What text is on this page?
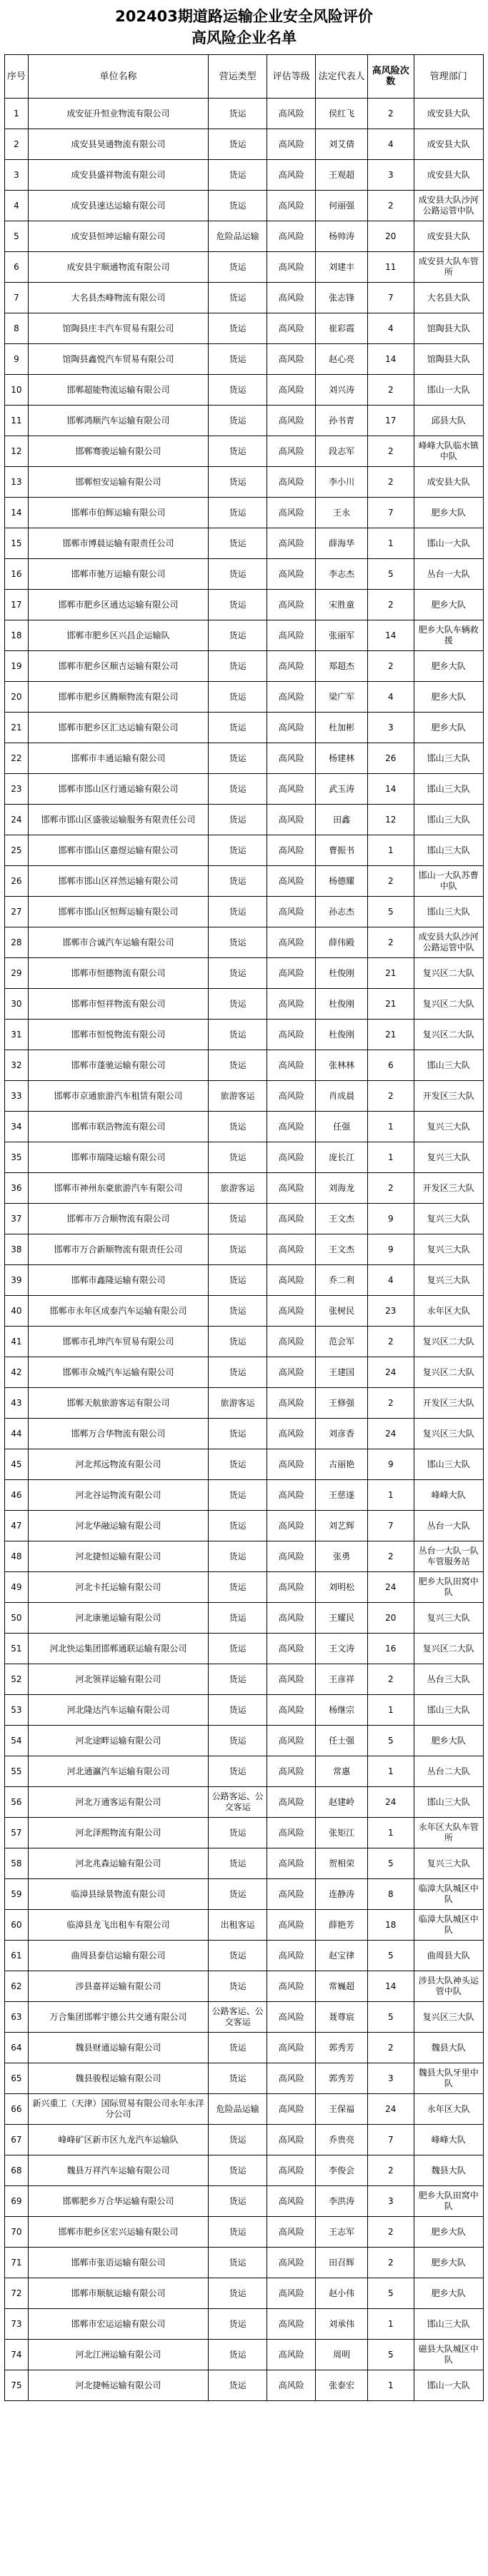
202403期道路运输企业安全风险评价
高风险企业名单
序号	单位名称	营运类型	评估等级	法定代表人	高风险次数	管理部门
1	成安征升恒业物流有限公司	货运	高风险	侯红飞	2	成安县大队
2	成安县昊通物流有限公司	货运	高风险	刘艾倩	4	成安县大队
3	成安县盛祥物流有限公司	货运	高风险	王观超	3	成安县大队
4	成安县速达运输有限公司	货运	高风险	何丽强	2	成安县大队沙河公路运管中队
5	成安县恒坤运输有限公司	危险品运输	高风险	杨帅涛	20	成安县大队
6	成安县宇顺通物流有限公司	货运	高风险	刘建丰	11	成安县大队车管所
7	大名县杰峰物流有限公司	货运	高风险	张志锋	7	大名县大队
8	馆陶县庄丰汽车贸易有限公司	货运	高风险	崔彩霞	4	馆陶县大队
9	馆陶县鑫悦汽车贸易有限公司	货运	高风险	赵心亮	14	馆陶县大队
10	邯郸超能物流运输有限公司	货运	高风险	刘兴涛	2	邯山一大队
11	邯郸鸿顺汽车运输有限公司	货运	高风险	孙书青	17	邱县大队
12	邯郸骞骏运输有限公司	货运	高风险	段志军	2	峰峰大队临水镇中队
13	邯郸恒安运输有限公司	货运	高风险	李小川	2	成安县大队
14	邯郸市伯辉运输有限公司	货运	高风险	王永	7	肥乡大队
15	邯郸市博晨运输有限责任公司	货运	高风险	薛海华	1	邯山一大队
16	邯郸市驰万运输有限公司	货运	高风险	李志杰	5	丛台一大队
17	邯郸市肥乡区通达运输有限公司	货运	高风险	宋胜童	2	肥乡大队
18	邯郸市肥乡区兴昌企运输队	货运	高风险	张丽军	14	肥乡大队车辆救援
19	邯郸市肥乡区顺吉运输有限公司	货运	高风险	郑超杰	2	肥乡大队
20	邯郸市肥乡区腾顺物流有限公司	货运	高风险	梁广军	4	肥乡大队
21	邯郸市肥乡区汇达运输有限公司	货运	高风险	杜加彬	3	肥乡大队
22	邯郸市丰通运输有限公司	货运	高风险	杨建林	26	邯山三大队
23	邯郸市邯山区行通运输有限公司	货运	高风险	武玉涛	14	邯山三大队
24	邯郸市邯山区盛骏运输服务有限责任公司	货运	高风险	田鑫	12	邯山三大队
25	邯郸市邯山区嘉煜运输有限公司	货运	高风险	曹振书	1	邯山三大队
26	邯郸市邯山区祥然运输有限公司	货运	高风险	杨德耀	2	邯山一大队苏曹中队
27	邯郸市邯山区恒辉运输有限公司	货运	高风险	孙志杰	5	邯山三大队
28	邯郸市合诚汽车运输有限公司	货运	高风险	薛伟殿	2	成安县大队沙河公路运管中队
29	邯郸市恒德物流有限公司	货运	高风险	杜俊刚	21	复兴区二大队
30	邯郸市恒祥物流有限公司	货运	高风险	杜俊刚	21	复兴区二大队
31	邯郸市恒悦物流有限公司	货运	高风险	杜俊刚	21	复兴区二大队
32	邯郸市蓬驰运输有限公司	货运	高风险	张林林	6	邯山三大队
33	邯郸市京通旅游汽车租赁有限公司	旅游客运	高风险	肖成晨	2	开发区三大队
34	邯郸市联浩物流有限公司	货运	高风险	任强	1	复兴三大队
35	邯郸市瑞隆运输有限公司	货运	高风险	庞长江	1	复兴三大队
36	邯郸市神州东豪旅游汽车有限公司	旅游客运	高风险	刘海龙	2	开发区三大队
37	邯郸市万合顺物流有限公司	货运	高风险	王文杰	9	复兴三大队
38	邯郸市万合新顺物流有限责任公司	货运	高风险	王文杰	9	复兴三大队
39	邯郸市鑫隆运输有限公司	货运	高风险	乔二利	4	复兴三大队
40	邯郸市永年区成泰汽车运输有限公司	货运	高风险	张树民	23	永年区大队
41	邯郸市孔坤汽车贸易有限公司	货运	高风险	范会军	2	复兴区二大队
42	邯郸市众城汽车运输有限公司	货运	高风险	王建国	24	复兴区二大队
43	邯郸天航旅游客运有限公司	旅游客运	高风险	王修强	2	开发区三大队
44	邯郸万合华物流有限公司	货运	高风险	刘彦香	24	复兴区三大队
45	河北邦远物流有限公司	货运	高风险	古丽艳	9	邯山三大队
46	河北谷运物流有限公司	货运	高风险	王慈遂	1	峰峰大队
47	河北华融运输有限公司	货运	高风险	刘艺辉	7	丛台一大队
48	河北捷恒运输有限公司	货运	高风险	张勇	2	丛台一大队一队车管服务站
49	河北卡托运输有限公司	货运	高风险	刘明松	24	肥乡大队田窝中队
50	河北康驰运输有限公司	货运	高风险	王耀民	20	复兴三大队
51	河北快运集团邯郸通联运输有限公司	货运	高风险	王文涛	16	复兴区二大队
52	河北领祥运输有限公司	货运	高风险	王彦祥	2	丛台三大队
53	河北隆达汽车运输有限公司	货运	高风险	杨继宗	1	邯山三大队
54	河北途畔运输有限公司	货运	高风险	任士强	5	肥乡大队
55	河北通瀛汽车运输有限公司	货运	高风险	常惠	1	丛台二大队
56	河北万通客运有限公司	公路客运、公交客运	高风险	赵建岭	24	邯山三大队
57	河北泽熙物流有限公司	货运	高风险	张矩江	1	永年区大队车管所
58	河北兆森运输有限公司	货运	高风险	贺相荣	5	复兴三大队
59	临漳县绿景物流有限公司	货运	高风险	连静涛	8	临漳大队城区中队
60	临漳县龙飞出租车有限公司	出租客运	高风险	薛艳芳	18	临漳大队城区中队
61	曲周县泰信运输有限公司	货运	高风险	赵宝律	5	曲周县大队
62	涉县嘉祥运输有限公司	货运	高风险	常巍超	14	涉县大队神头运管中队
63	万合集团邯郸宇德公共交通有限公司	公路客运、公交客运	高风险	聂尊宸	5	复兴区三大队
64	魏县财通运输有限公司	货运	高风险	郭秀芳	2	魏县大队
65	魏县骏程运输有限公司	货运	高风险	郭秀芳	3	魏县大队牙里中队
66	新兴重工（天津）国际贸易有限公司永年永洋分公司	危险品运输	高风险	王保福	24	永年区大队
67	峰峰矿区新市区九龙汽车运输队	货运	高风险	乔贵亮	7	峰峰大队
68	魏县万祥汽车运输有限公司	货运	高风险	李俊会	2	魏县大队
69	邯郸肥乡万合华运输有限公司	货运	高风险	李洪涛	3	肥乡大队田窝中队
70	邯郸市肥乡区宏兴运输有限公司	货运	高风险	王志军	2	肥乡大队
71	邯郸市张语运输有限公司	货运	高风险	田召辉	2	肥乡大队
72	邯郸市顺航运输有限公司	货运	高风险	赵小伟	5	肥乡大队
73	邯郸市宏运运输有限公司	货运	高风险	刘承伟	1	邯山三大队
74	河北江洲运输有限公司	货运	高风险	周明	5	磁县大队城区中队
75	河北捷畅运输有限公司	货运	高风险	张泰宏	1	邯山一大队
